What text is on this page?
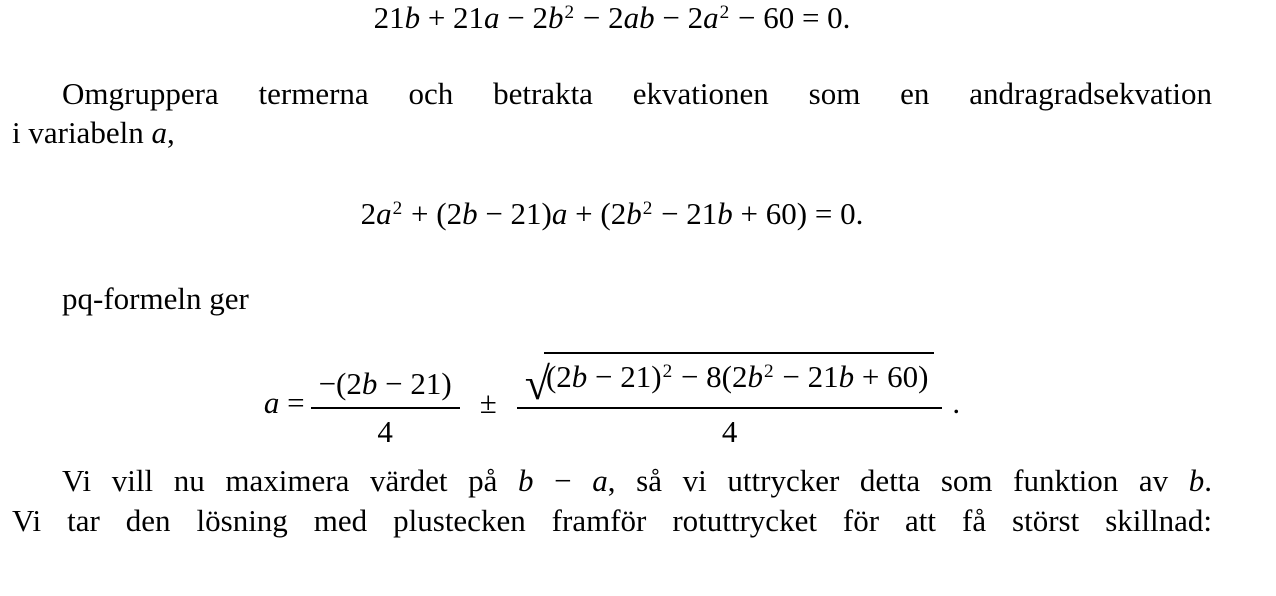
$21b + 21a - 2b^2 - 2ab - 2a^2 - 60 = 0$.
Omgruppera termerna och betrakta ekvationen som en andragradsekvation
i variabeln a,
$2a^2 + (2b - 21)a + (2b^2 - 21b + 60) = 0$.
pq-formeln ger
$a = \frac{-(2b - 21)}{4}$ ± √
$(2b - 21)^2 - 8(2b^2 - 21b + 60)$
4 .
Vi vill nu maximera värdet på b − a, så vi uttrycker detta som funktion av b.
Vi tar den lösning med plustecken framför rotuttrycket för att få störst skillnad:
